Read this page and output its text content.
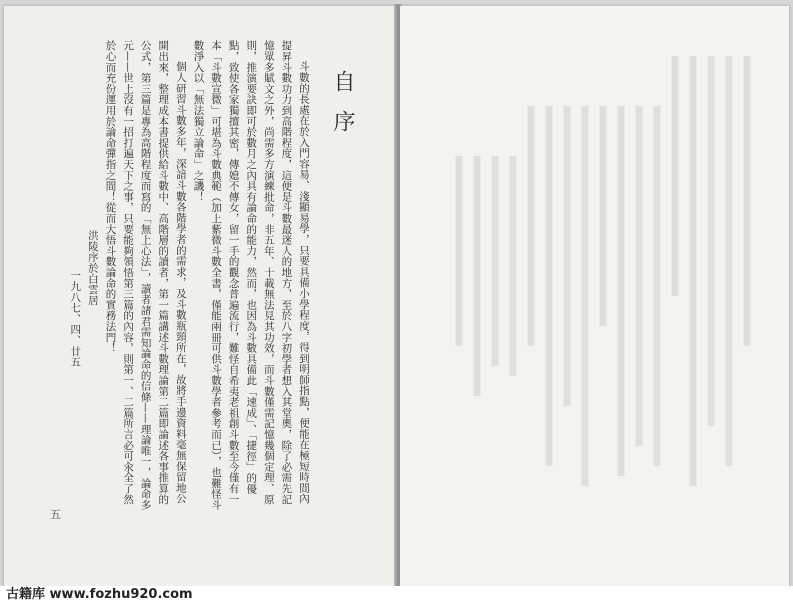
自序
斗數的長處在於入門容易、淺顯易學，只要具備小學程度，得到明師指點，便能在極短時間內提昇斗數功力到高階程度，這便是斗數最迷人的地方，至於八字初學者想入其堂奧，除了必需先記憶眾多賦文之外，尚需多方演練批命，非五年、十載無法見其功效，而斗數僅需記憶幾個定理、原則，推演要訣即可於數月之內具有論命的能力，然而，也因為斗數具備此「速成」、「捷徑」的優點，致使各家獨擅其密，傳媳不傳女，留一手的觀念普遍流行，難怪自希夷老祖創斗數至今僅有一本「斗數宣微」可堪為斗數典範（加上紫微斗數全書，僅能兩冊可供斗數學者參考而已），也難怪斗數淨入以「無法獨立論命」之譏！
個人研習斗數多年，深諳斗數各階學者的需求，及斗數瓶頸所在，故將手邊資料毫無保留地公開出來，整理成本書提供給斗數中、高階層的讀者，第一篇講述斗數理論第二篇即論述各事推算的公式，第三篇是專為高階程度而寫的「無上心法」，讀者諸君需知論命的信條——理論唯一，論命多元——世上沒有一招打遍天下之事，只要能夠領悟第三篇的內容，則第一、二篇所言必可汆全了然於心而充份運用於論命彈指之間！從而大悟斗數論命的實務法門！
洪陵序於白雲居
一九八七、四、廿五
五
古籍库 www.fozhu920.com
